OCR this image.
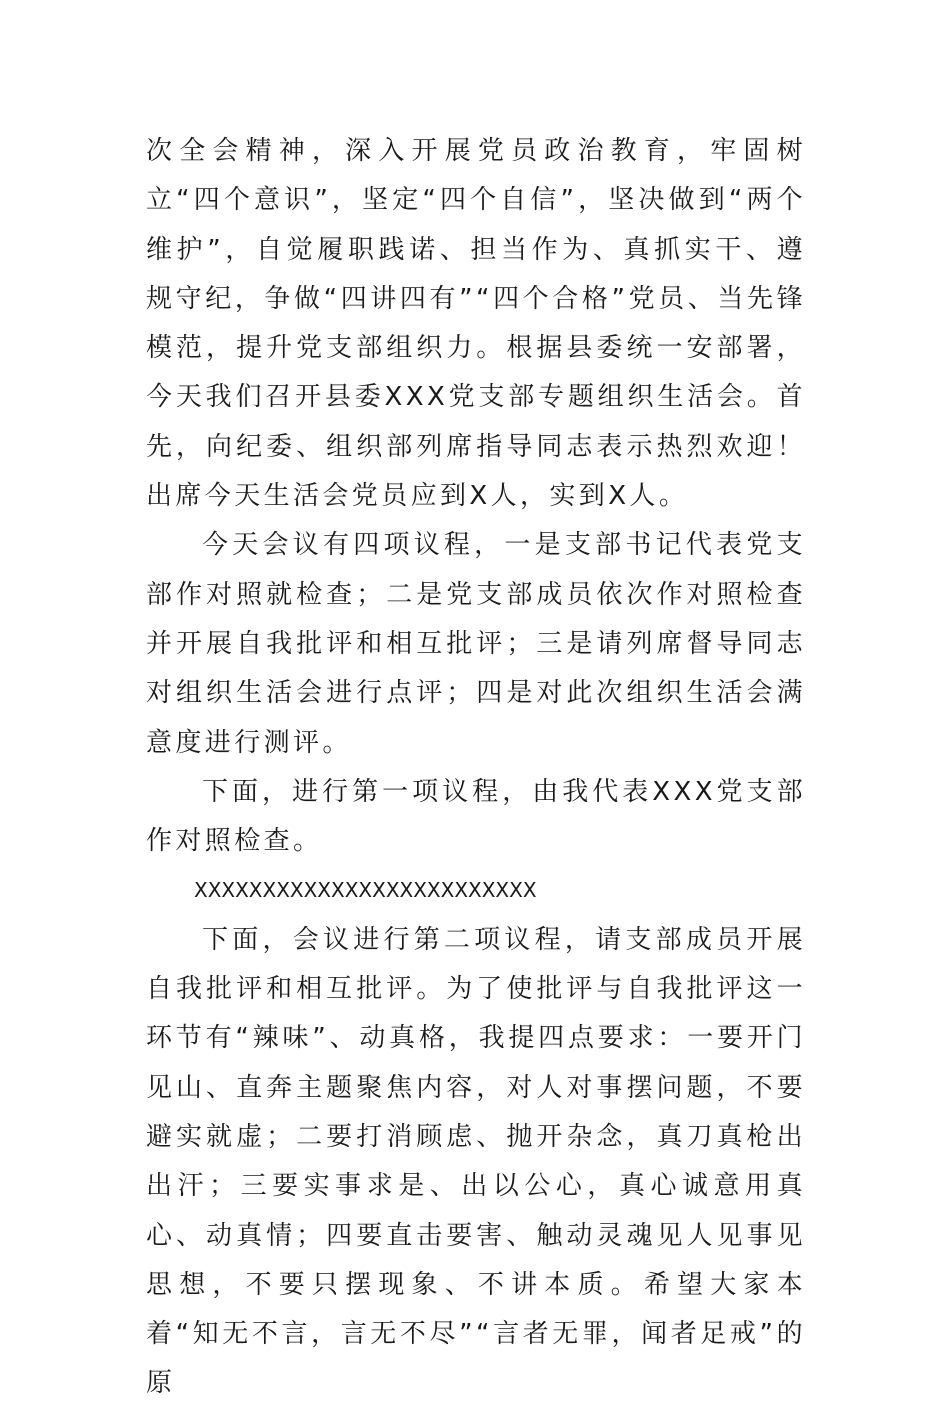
次全会精神，深入开展党员政治教育，牢固树立“四个意识”，坚定“四个自信”，坚决做到“两个维护”，自觉履职践诺、担当作为、真抓实干、遵规守纪，争做“四讲四有”“四个合格”党员、当先锋模范，提升党支部组织力。根据县委统一安部署，今天我们召开县委XXX党支部专题组织生活会。首先，向纪委、组织部列席指导同志表示热烈欢迎！出席今天生活会党员应到X人，实到X人。

今天会议有四项议程，一是支部书记代表党支部作对照就检查；二是党支部成员依次作对照检查并开展自我批评和相互批评；三是请列席督导同志对组织生活会进行点评；四是对此次组织生活会满意度进行测评。

下面，进行第一项议程，由我代表XXX党支部作对照检查。

XXXXXXXXXXXXXXXXXXXXXXXXX

下面，会议进行第二项议程，请支部成员开展自我批评和相互批评。为了使批评与自我批评这一环节有“辣味”、动真格，我提四点要求：一要开门见山、直奔主题聚焦内容，对人对事摆问题，不要避实就虚；二要打消顾虑、抛开杂念，真刀真枪出出汗；三要实事求是、出以公心，真心诚意用真心、动真情；四要直击要害、触动灵魂见人见事见思想，不要只摆现象、不讲本质。希望大家本着“知无不言，言无不尽”“言者无罪，闻者足戒”的原
